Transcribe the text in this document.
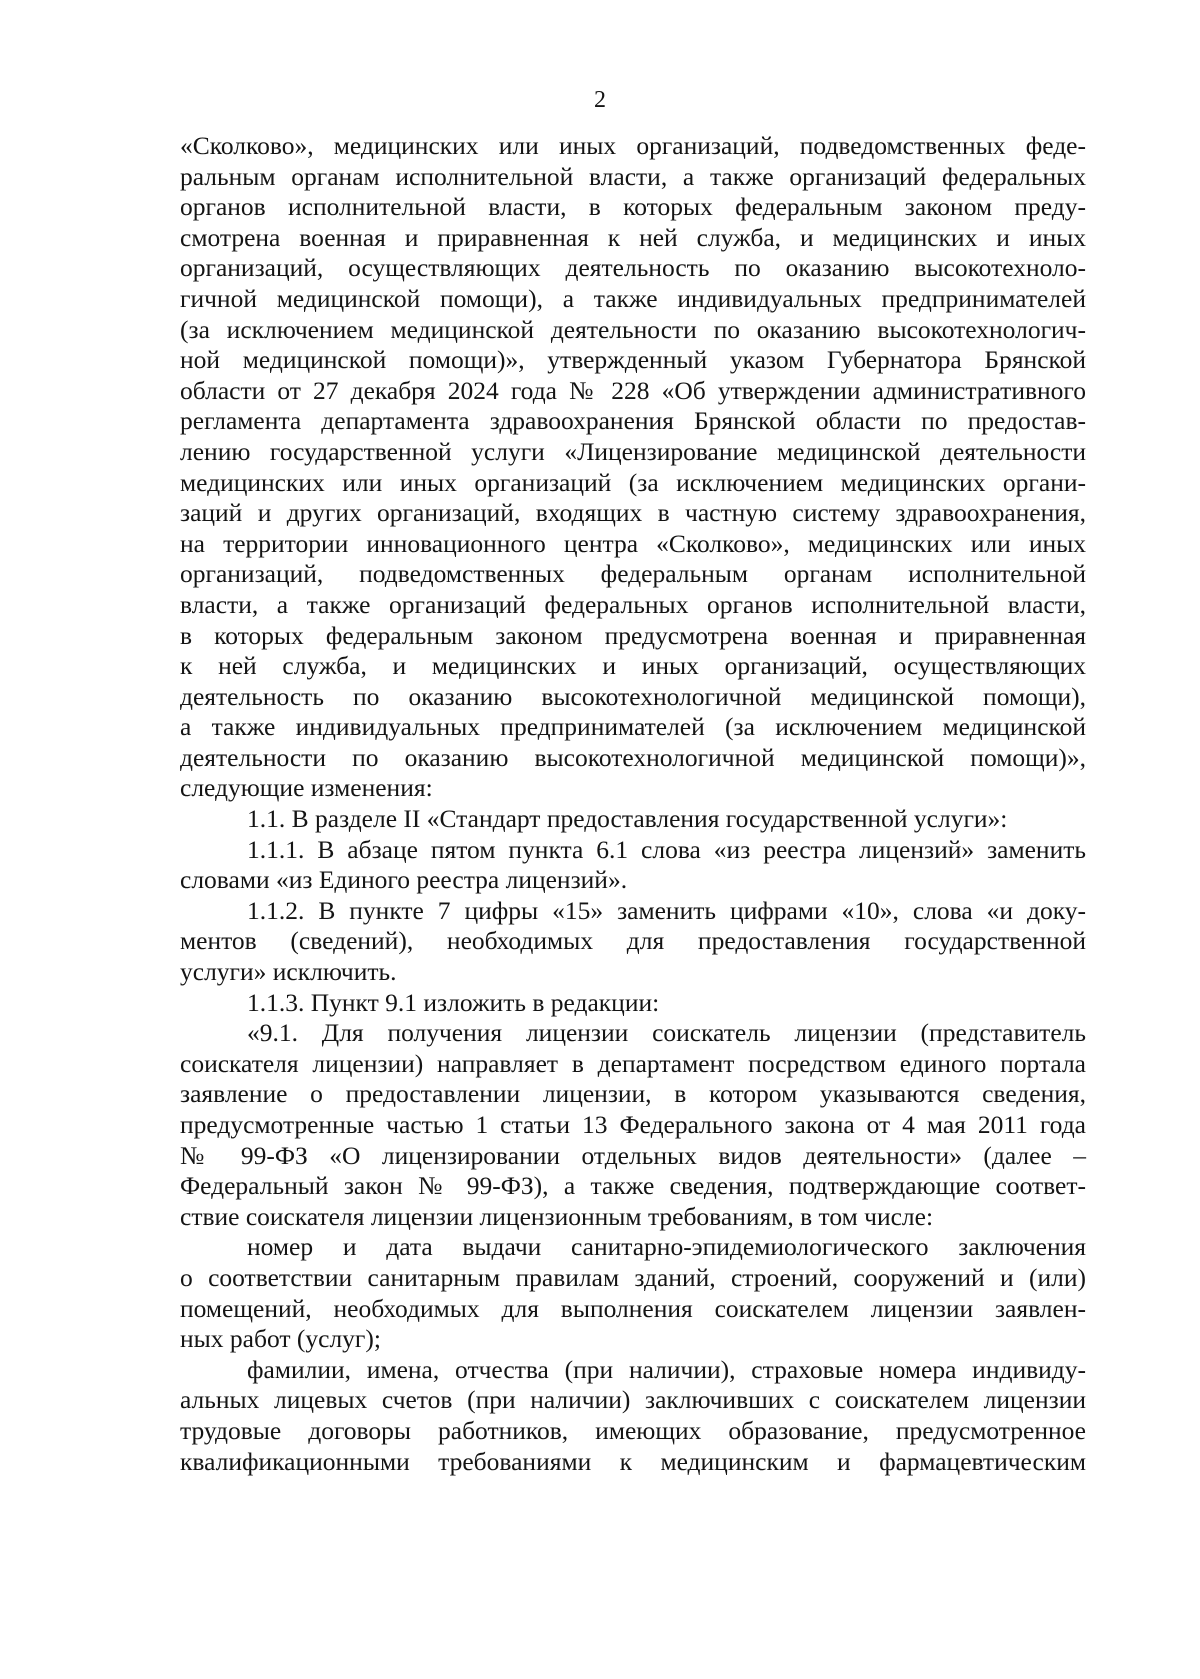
2
«Сколково», медицинских или иных организаций, подведомственных феде-
ральным органам исполнительной власти, а также организаций федеральных
органов исполнительной власти, в которых федеральным законом преду-
смотрена военная и приравненная к ней служба, и медицинских и иных
организаций, осуществляющих деятельность по оказанию высокотехноло-
гичной медицинской помощи), а также индивидуальных предпринимателей
(за исключением медицинской деятельности по оказанию высокотехнологич-
ной медицинской помощи)», утвержденный указом Губернатора Брянской
области от 27 декабря 2024 года № 228 «Об утверждении административного
регламента департамента здравоохранения Брянской области по предостав-
лению государственной услуги «Лицензирование медицинской деятельности
медицинских или иных организаций (за исключением медицинских органи-
заций и других организаций, входящих в частную систему здравоохранения,
на территории инновационного центра «Сколково», медицинских или иных
организаций, подведомственных федеральным органам исполнительной
власти, а также организаций федеральных органов исполнительной власти,
в которых федеральным законом предусмотрена военная и приравненная
к ней служба, и медицинских и иных организаций, осуществляющих
деятельность по оказанию высокотехнологичной медицинской помощи),
а также индивидуальных предпринимателей (за исключением медицинской
деятельности по оказанию высокотехнологичной медицинской помощи)»,
следующие изменения:
1.1. В разделе II «Стандарт предоставления государственной услуги»:
1.1.1. В абзаце пятом пункта 6.1 слова «из реестра лицензий» заменить
словами «из Единого реестра лицензий».
1.1.2. В пункте 7 цифры «15» заменить цифрами «10», слова «и доку-
ментов (сведений), необходимых для предоставления государственной
услуги» исключить.
1.1.3. Пункт 9.1 изложить в редакции:
«9.1. Для получения лицензии соискатель лицензии (представитель
соискателя лицензии) направляет в департамент посредством единого портала
заявление о предоставлении лицензии, в котором указываются сведения,
предусмотренные частью 1 статьи 13 Федерального закона от 4 мая 2011 года
№ 99-ФЗ «О лицензировании отдельных видов деятельности» (далее –
Федеральный закон № 99-ФЗ), а также сведения, подтверждающие соответ-
ствие соискателя лицензии лицензионным требованиям, в том числе:
номер и дата выдачи санитарно-эпидемиологического заключения
о соответствии санитарным правилам зданий, строений, сооружений и (или)
помещений, необходимых для выполнения соискателем лицензии заявлен-
ных работ (услуг);
фамилии, имена, отчества (при наличии), страховые номера индивиду-
альных лицевых счетов (при наличии) заключивших с соискателем лицензии
трудовые договоры работников, имеющих образование, предусмотренное
квалификационными требованиями к медицинским и фармацевтическим
